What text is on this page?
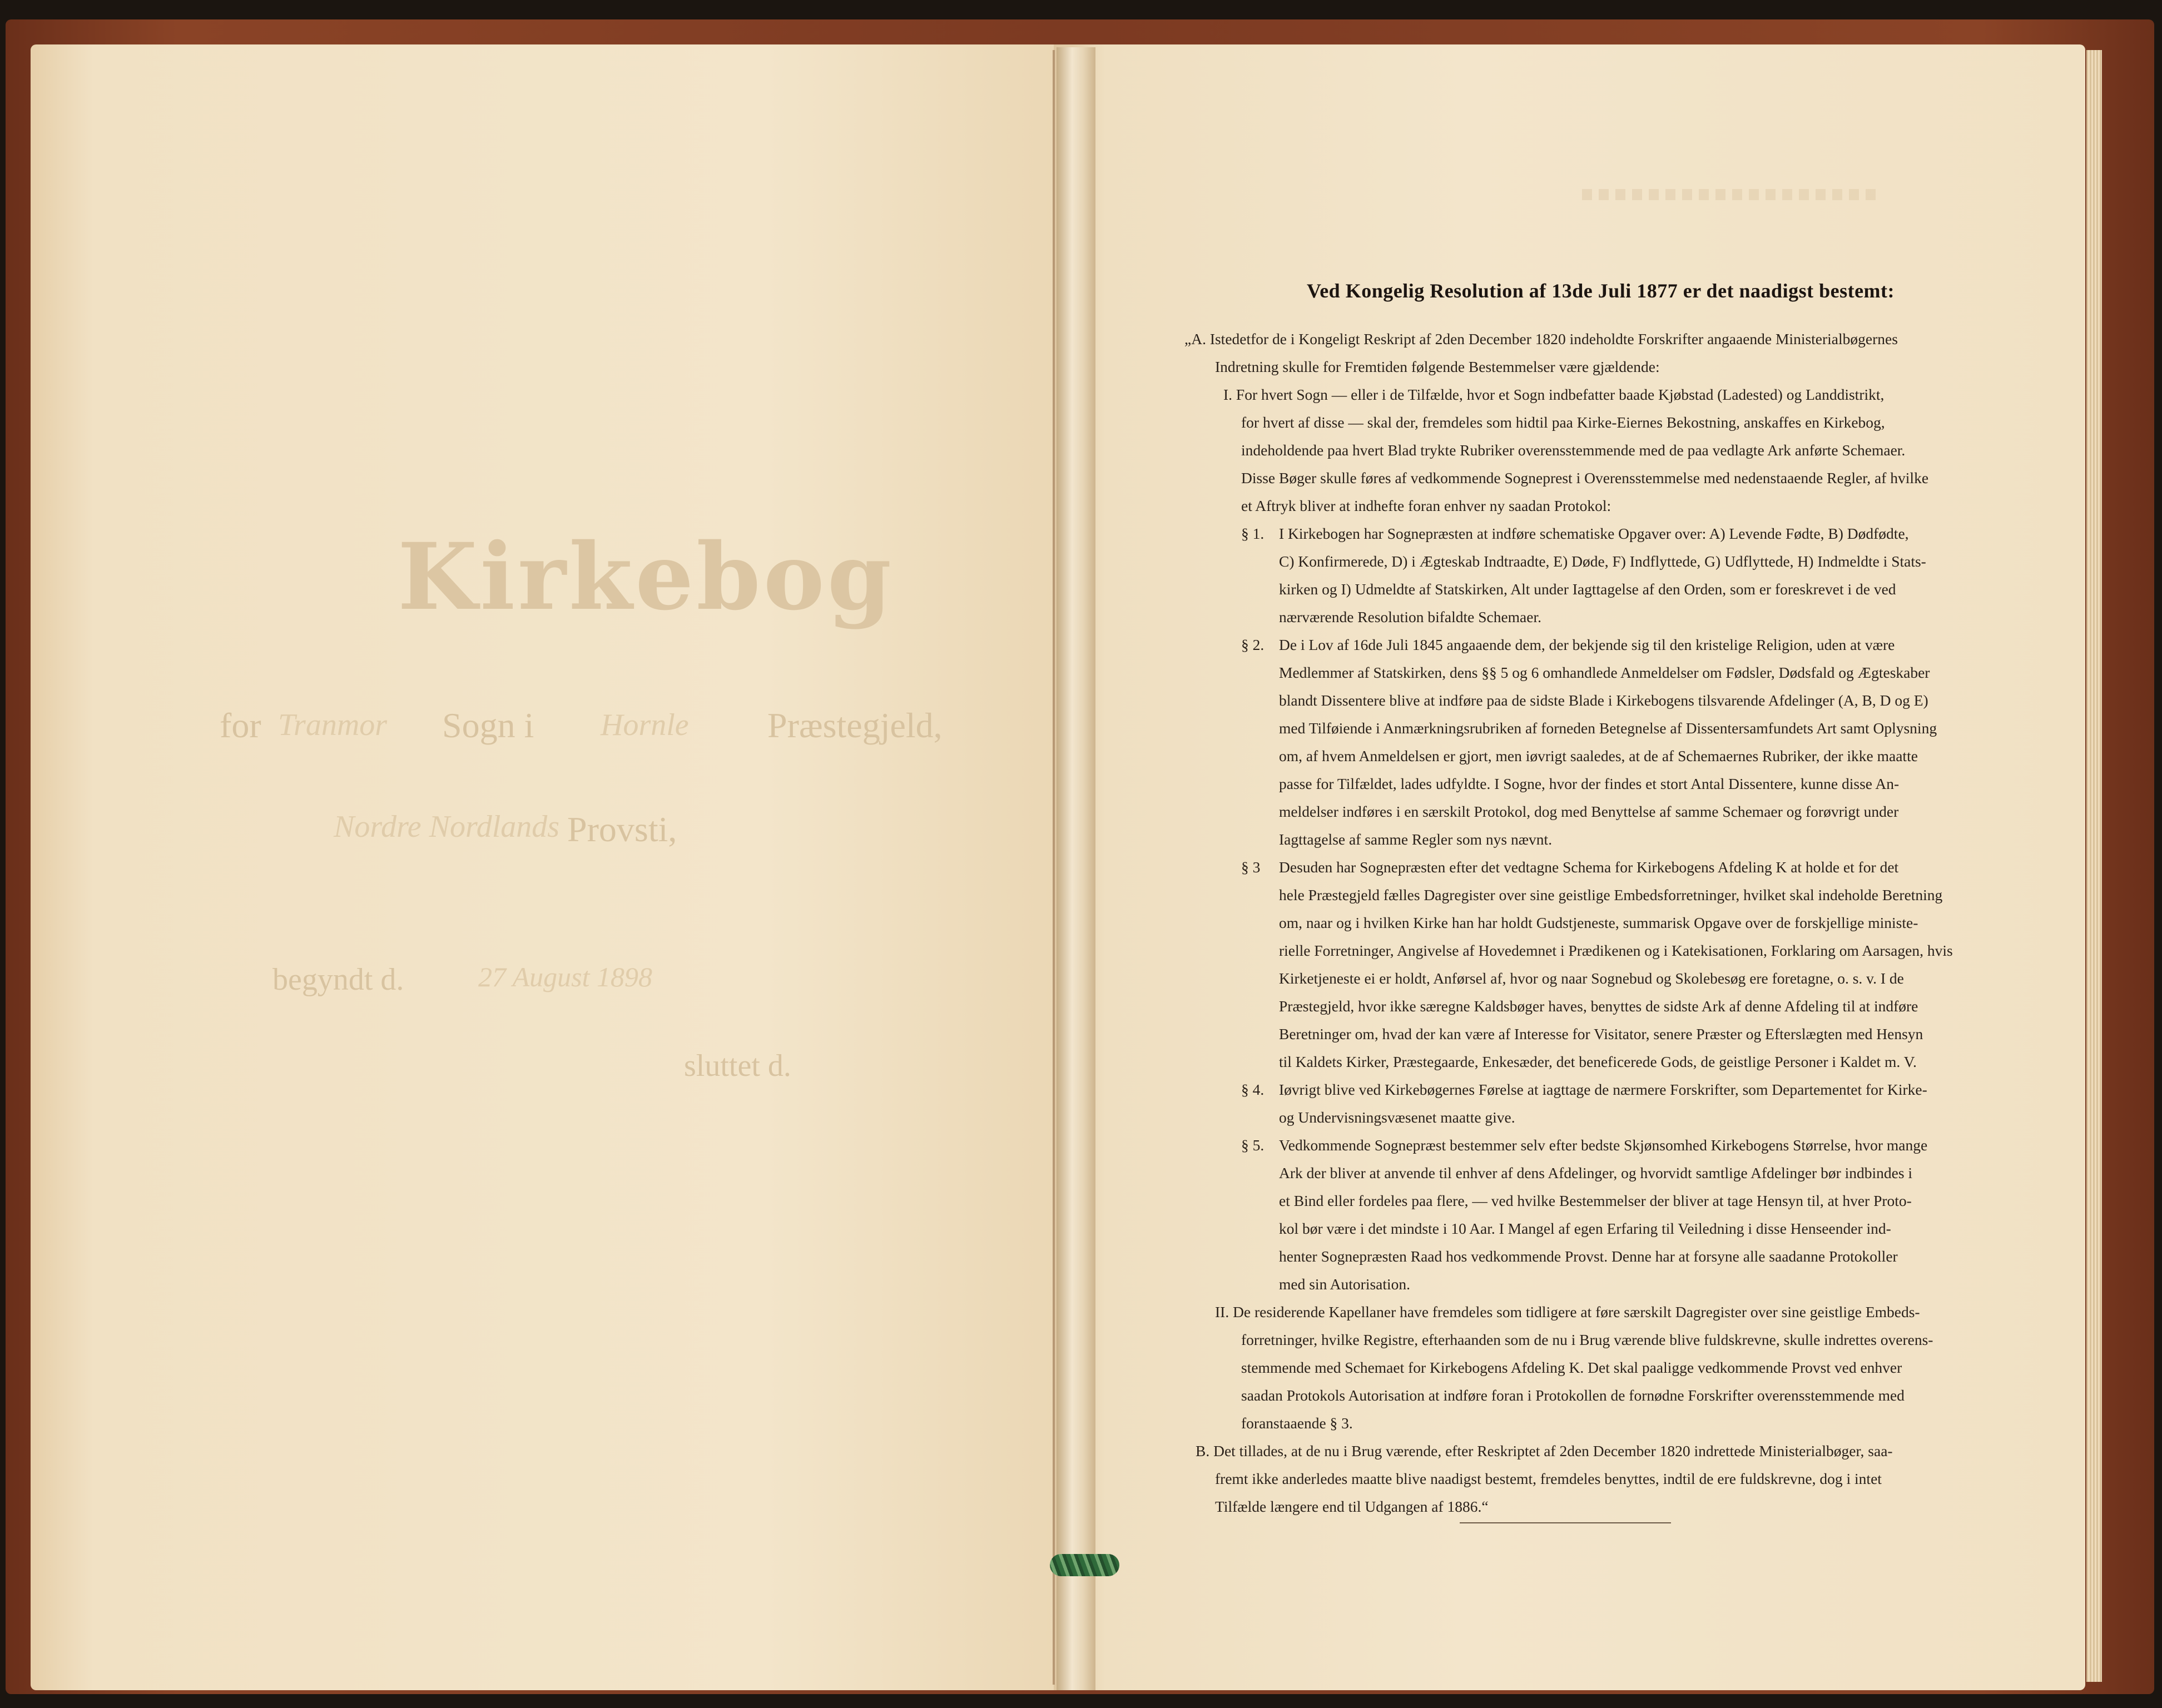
Kirkebog
for Tranmor Sogn i Hornle Præstegjeld,
Nordre Nordlands Provsti,
begyndt d.	27 August 1898
sluttet d.
Ved Kongelig Resolution af 13de Juli 1877 er det naadigst bestemt:
„A. Istedetfor de i Kongeligt Reskript af 2den December 1820 indeholdte Forskrifter angaaende Ministerialbøgernes
Indretning skulle for Fremtiden følgende Bestemmelser være gjældende:
I. For hvert Sogn — eller i de Tilfælde, hvor et Sogn indbefatter baade Kjøbstad (Ladested) og Landdistrikt,
for hvert af disse — skal der, fremdeles som hidtil paa Kirke-Eiernes Bekostning, anskaffes en Kirkebog,
indeholdende paa hvert Blad trykte Rubriker overensstemmende med de paa vedlagte Ark anførte Schemaer.
Disse Bøger skulle føres af vedkommende Sogneprest i Overensstemmelse med nedenstaaende Regler, af hvilke
et Aftryk bliver at indhefte foran enhver ny saadan Protokol:
§ 1. I Kirkebogen har Sognepræsten at indføre schematiske Opgaver over: A) Levende Fødte, B) Dødfødte,
C) Konfirmerede, D) i Ægteskab Indtraadte, E) Døde, F) Indflyttede, G) Udflyttede, H) Indmeldte i Stats-
kirken og I) Udmeldte af Statskirken, Alt under Iagttagelse af den Orden, som er foreskrevet i de ved
nærværende Resolution bifaldte Schemaer.
§ 2. De i Lov af 16de Juli 1845 angaaende dem, der bekjende sig til den kristelige Religion, uden at være
Medlemmer af Statskirken, dens §§ 5 og 6 omhandlede Anmeldelser om Fødsler, Dødsfald og Ægteskaber
blandt Dissentere blive at indføre paa de sidste Blade i Kirkebogens tilsvarende Afdelinger (A, B, D og E)
med Tilføiende i Anmærkningsrubriken af forneden Betegnelse af Dissentersamfundets Art samt Oplysning
om, af hvem Anmeldelsen er gjort, men iøvrigt saaledes, at de af Schemaernes Rubriker, der ikke maatte
passe for Tilfældet, lades udfyldte. I Sogne, hvor der findes et stort Antal Dissentere, kunne disse An-
meldelser indføres i en særskilt Protokol, dog med Benyttelse af samme Schemaer og forøvrigt under
Iagttagelse af samme Regler som nys nævnt.
§ 3 Desuden har Sognepræsten efter det vedtagne Schema for Kirkebogens Afdeling K at holde et for det
hele Præstegjeld fælles Dagregister over sine geistlige Embedsforretninger, hvilket skal indeholde Beretning
om, naar og i hvilken Kirke han har holdt Gudstjeneste, summarisk Opgave over de forskjellige ministe-
rielle Forretninger, Angivelse af Hovedemnet i Prædikenen og i Katekisationen, Forklaring om Aarsagen, hvis
Kirketjeneste ei er holdt, Anførsel af, hvor og naar Sognebud og Skolebesøg ere foretagne, o. s. v. I de
Præstegjeld, hvor ikke særegne Kaldsbøger haves, benyttes de sidste Ark af denne Afdeling til at indføre
Beretninger om, hvad der kan være af Interesse for Visitator, senere Præster og Efterslægten med Hensyn
til Kaldets Kirker, Præstegaarde, Enkesæder, det beneficerede Gods, de geistlige Personer i Kaldet m. V.
§ 4. Iøvrigt blive ved Kirkebøgernes Førelse at iagttage de nærmere Forskrifter, som Departementet for Kirke-
og Undervisningsvæsenet maatte give.
§ 5. Vedkommende Sognepræst bestemmer selv efter bedste Skjønsomhed Kirkebogens Størrelse, hvor mange
Ark der bliver at anvende til enhver af dens Afdelinger, og hvorvidt samtlige Afdelinger bør indbindes i
et Bind eller fordeles paa flere, — ved hvilke Bestemmelser der bliver at tage Hensyn til, at hver Proto-
kol bør være i det mindste i 10 Aar. I Mangel af egen Erfaring til Veiledning i disse Henseender ind-
henter Sognepræsten Raad hos vedkommende Provst. Denne har at forsyne alle saadanne Protokoller
med sin Autorisation.
II. De residerende Kapellaner have fremdeles som tidligere at føre særskilt Dagregister over sine geistlige Embeds-
forretninger, hvilke Registre, efterhaanden som de nu i Brug værende blive fuldskrevne, skulle indrettes overens-
stemmende med Schemaet for Kirkebogens Afdeling K. Det skal paaligge vedkommende Provst ved enhver
saadan Protokols Autorisation at indføre foran i Protokollen de fornødne Forskrifter overensstemmende med
foranstaaende § 3.
B. Det tillades, at de nu i Brug værende, efter Reskriptet af 2den December 1820 indrettede Ministerialbøger, saa-
fremt ikke anderledes maatte blive naadigst bestemt, fremdeles benyttes, indtil de ere fuldskrevne, dog i intet
Tilfælde længere end til Udgangen af 1886.“
